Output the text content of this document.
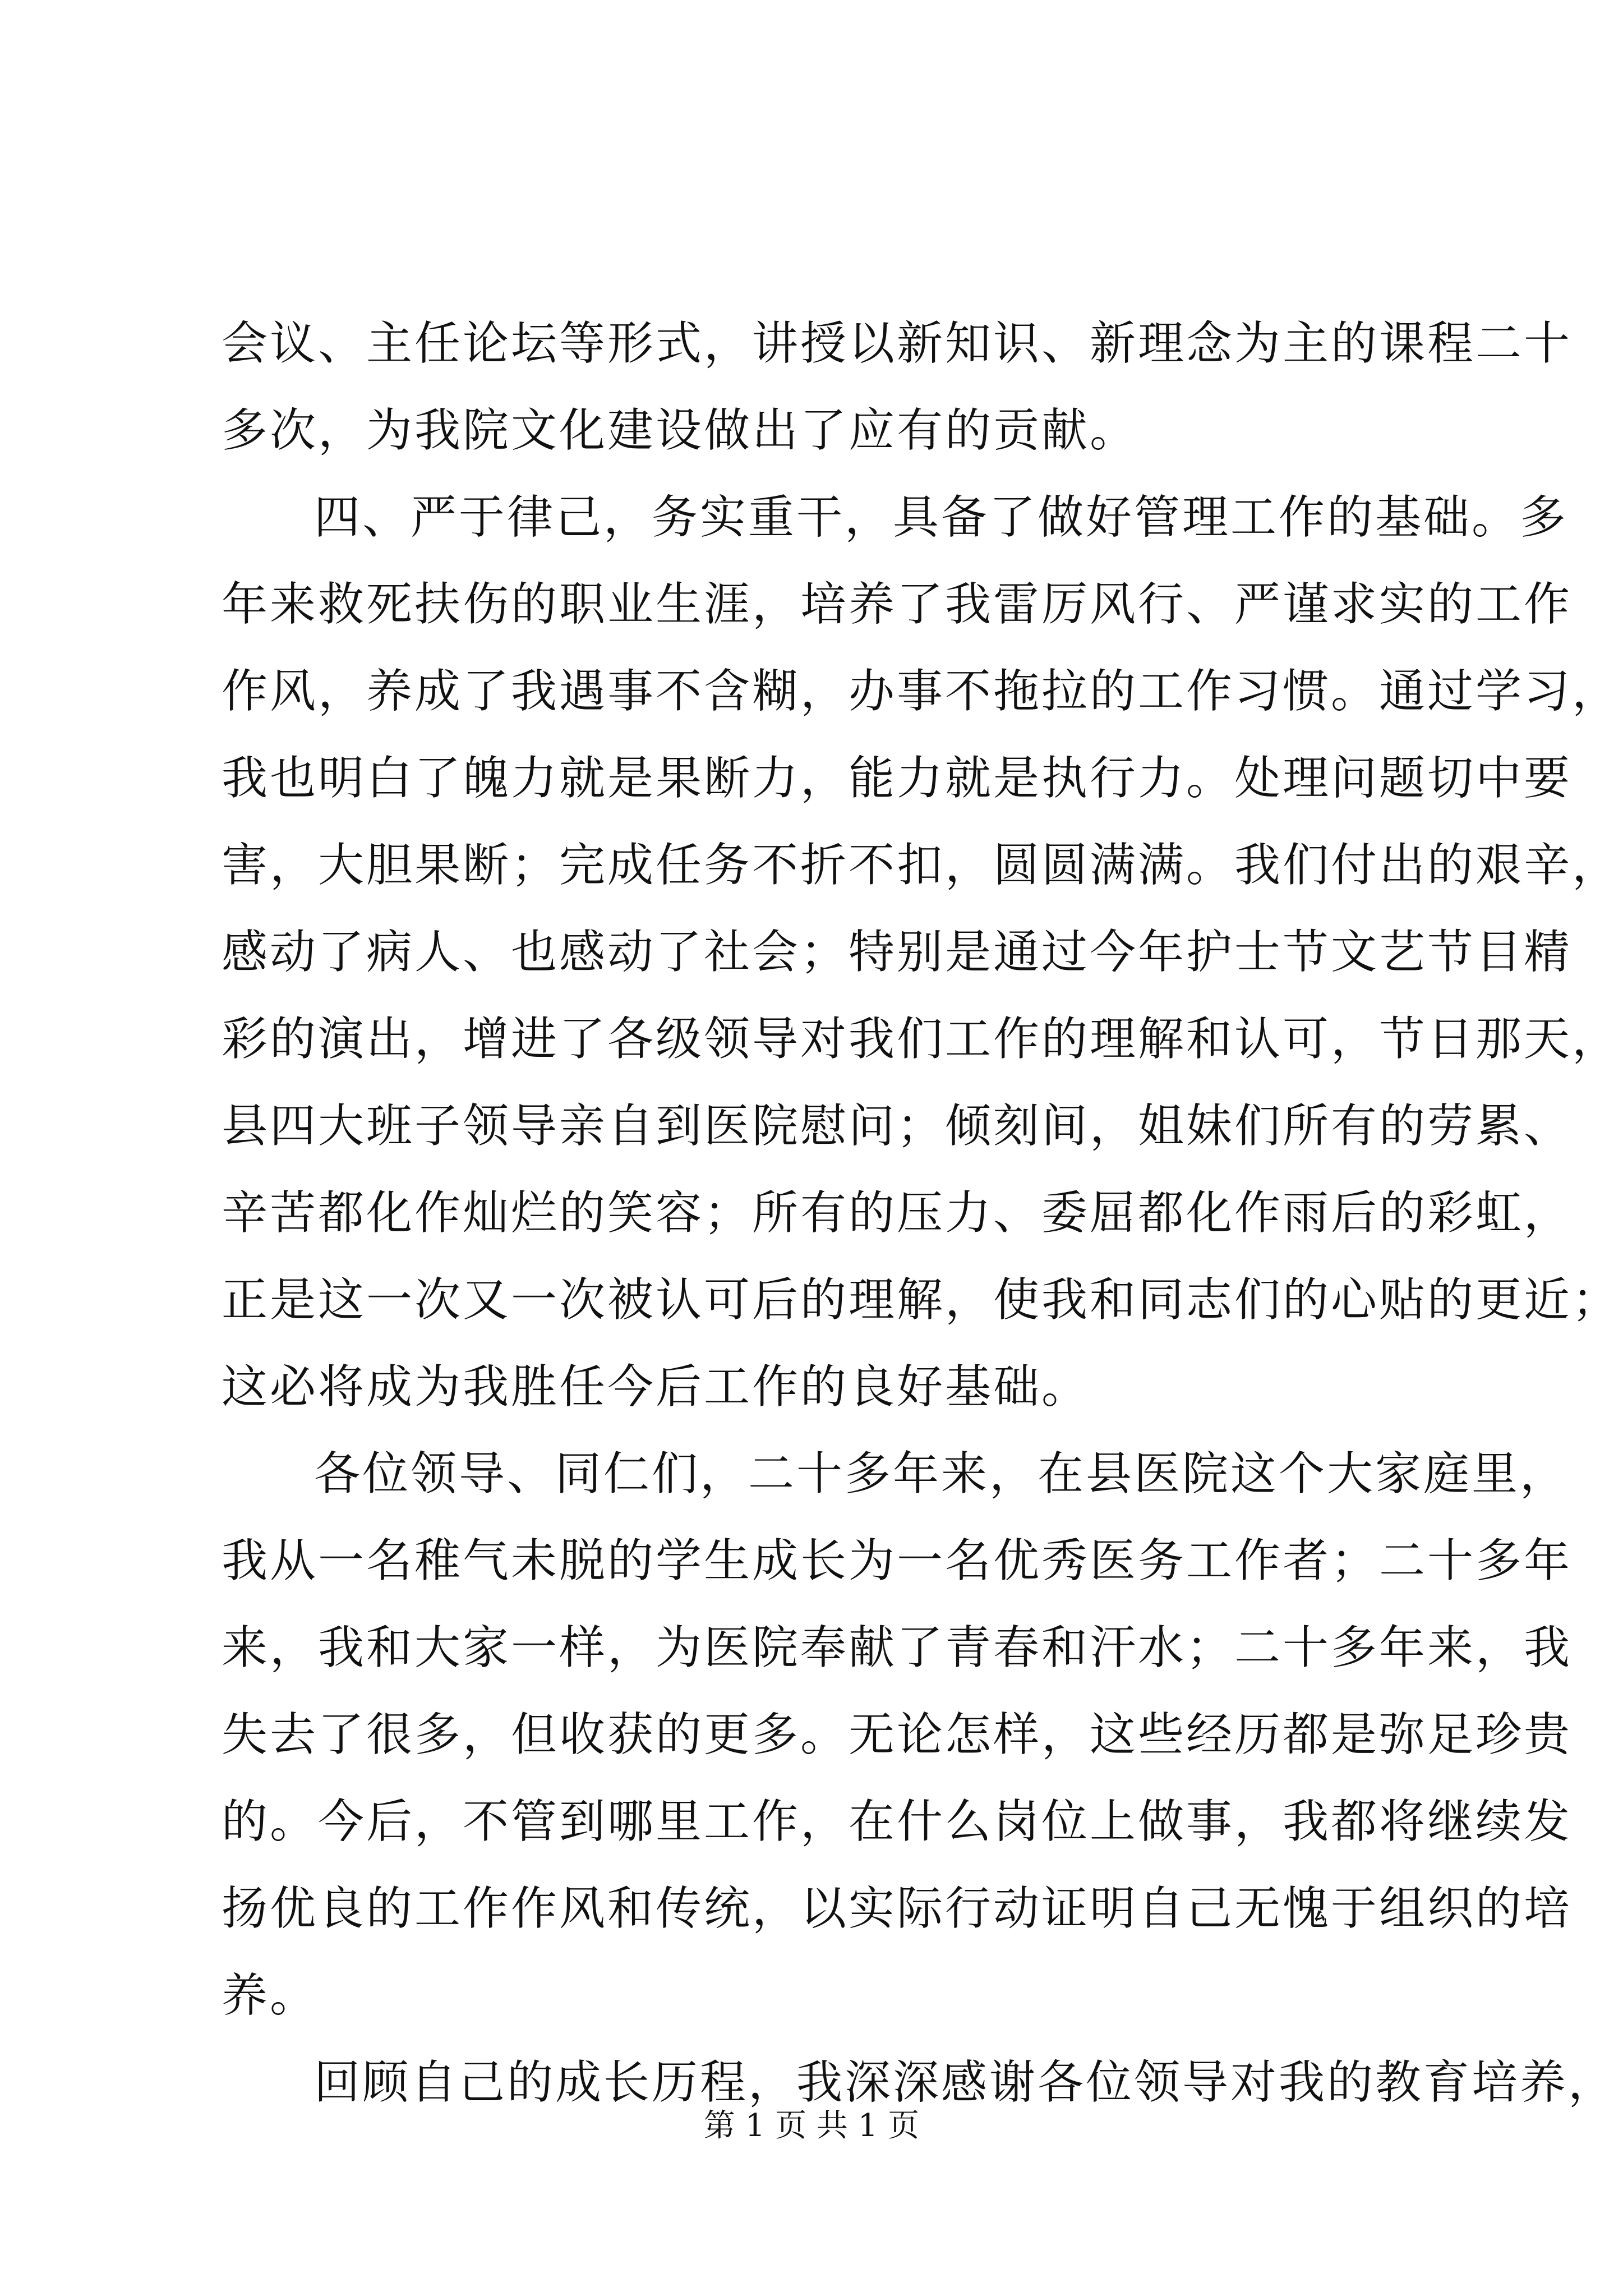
会议、主任论坛等形式，讲授以新知识、新理念为主的课程二十
多次，为我院文化建设做出了应有的贡献。
四、严于律己，务实重干，具备了做好管理工作的基础。多
年来救死扶伤的职业生涯，培养了我雷厉风行、严谨求实的工作
作风，养成了我遇事不含糊，办事不拖拉的工作习惯。通过学习，
我也明白了魄力就是果断力，能力就是执行力。处理问题切中要
害，大胆果断；完成任务不折不扣，圆圆满满。我们付出的艰辛，
感动了病人、也感动了社会；特别是通过今年护士节文艺节目精
彩的演出，增进了各级领导对我们工作的理解和认可，节日那天，
县四大班子领导亲自到医院慰问；倾刻间，姐妹们所有的劳累、
辛苦都化作灿烂的笑容；所有的压力、委屈都化作雨后的彩虹，
正是这一次又一次被认可后的理解，使我和同志们的心贴的更近；
这必将成为我胜任今后工作的良好基础。
各位领导、同仁们，二十多年来，在县医院这个大家庭里，
我从一名稚气未脱的学生成长为一名优秀医务工作者；二十多年
来，我和大家一样，为医院奉献了青春和汗水；二十多年来，我
失去了很多，但收获的更多。无论怎样，这些经历都是弥足珍贵
的。今后，不管到哪里工作，在什么岗位上做事，我都将继续发
扬优良的工作作风和传统，以实际行动证明自己无愧于组织的培
养。
回顾自己的成长历程，我深深感谢各位领导对我的教育培养，
第 1 页 共 1 页
